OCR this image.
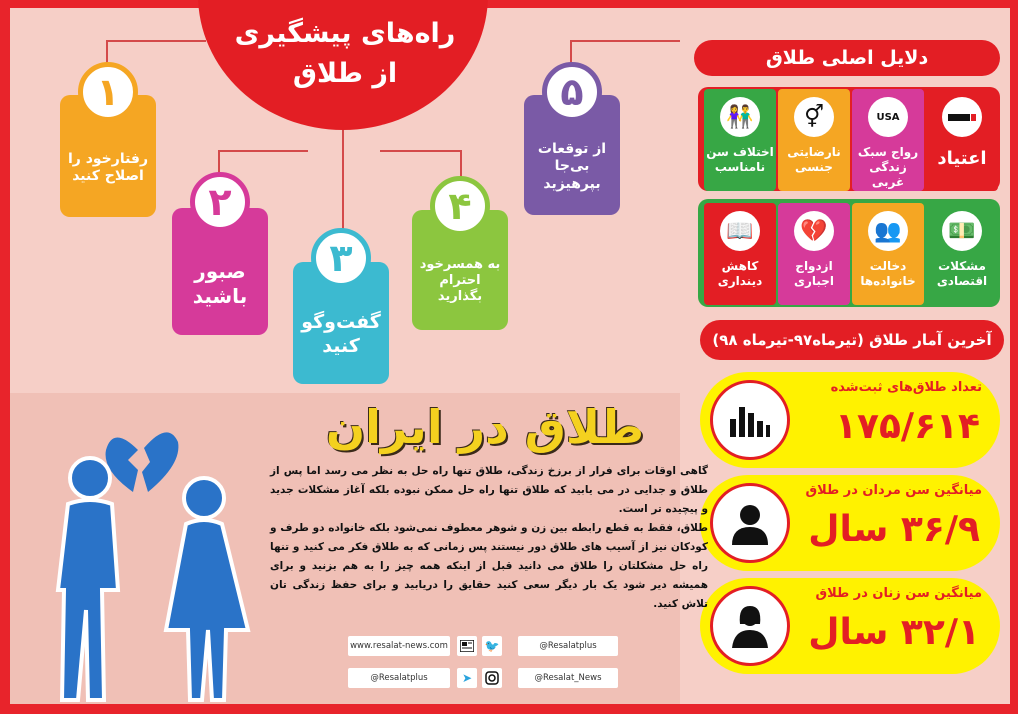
راه‌های پیشگیری
از طلاق
رفتارخود را اصلاح کنید
۱
صبور باشید
۲
گفت‌وگو کنید
۳	به همسرخود احترام بگذارید
۴
از توقعات بی‌جا بپرهیزید
۵
دلایل اصلی طلاق
اعتیاد
USA
رواج سبک زندگی غربی
⚥
نارضایتی جنسی
👫
اختلاف سن نامناسب
💵
مشکلات اقتصادی
👥
دخالت خانواده‌ها
💔
ازدواج اجباری
📖
کاهش دینداری
آخرین آمار طلاق (تیرماه۹۷-تیرماه ۹۸)
تعداد طلاق‌های ثبت‌شده
۱۷۵/۶۱۴
میانگین سن مردان در طلاق
۳۶/۹ سال
میانگین سن زنان در طلاق
۳۲/۱ سال
طلاق در ایران

گاهی اوقات برای فرار از برزخ زندگی، طلاق تنها راه حل به نظر می رسد اما پس از طلاق و جدایی در می یابید که طلاق تنها راه حل ممکن نبوده بلکه آغاز مشکلات جدید و پیچیده تر است.

طلاق، فقط به قطع رابطه بین زن و شوهر معطوف نمی‌شود بلکه خانواده دو طرف و کودکان نیز از آسیب های طلاق دور نیستند پس زمانی که به طلاق فکر می کنید و تنها راه حل مشکلتان را طلاق می دانید قبل از اینکه همه چیز را به هم بزنید و برای همیشه دیر شود یک بار دیگر سعی کنید حقایق را دریابید و برای حفظ زندگی تان تلاش کنید.

www.resalat-news.com	🐦	@Resalatplus
@Resalatplus	➤	@Resalat_News
